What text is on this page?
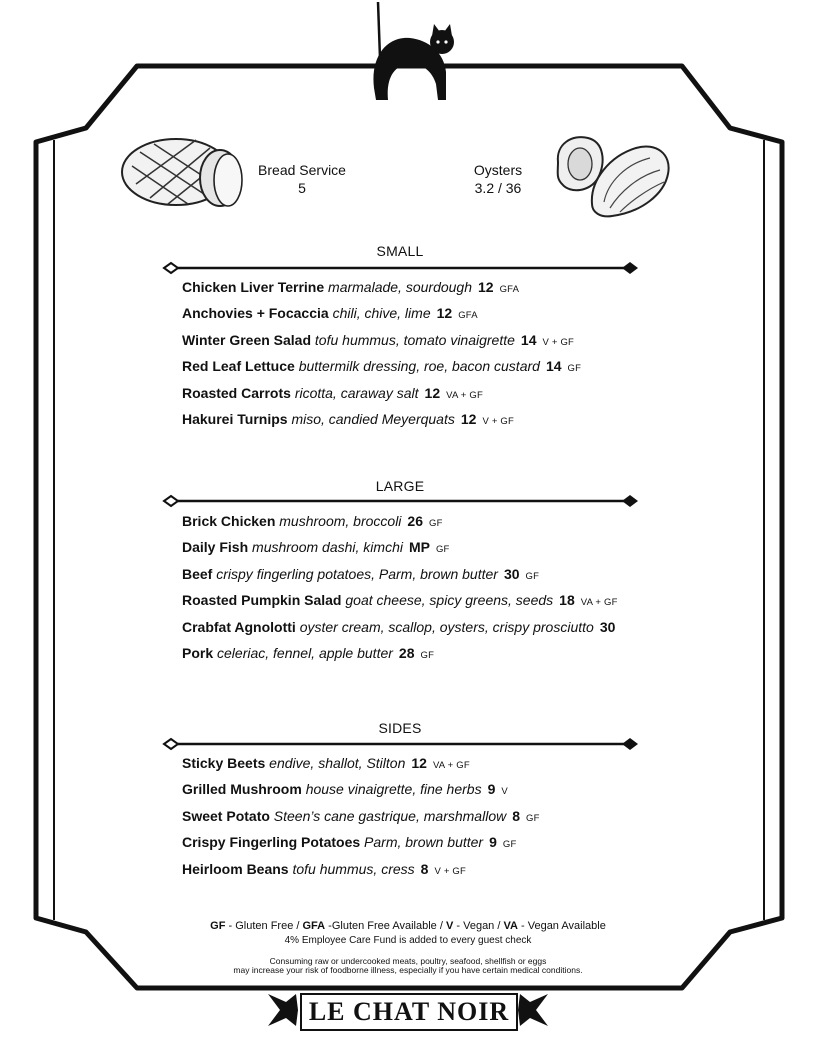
Bread Service
5
Oysters
3.2 / 36
SMALL
Chicken Liver Terrine marmalade, sourdough 12 GFA
Anchovies + Focaccia chili, chive, lime 12 GFA
Winter Green Salad tofu hummus, tomato vinaigrette 14 V + GF
Red Leaf Lettuce buttermilk dressing, roe, bacon custard 14 GF
Roasted Carrots ricotta, caraway salt 12 VA + GF
Hakurei Turnips miso, candied Meyerquats 12 V + GF
LARGE
Brick Chicken mushroom, broccoli 26 GF
Daily Fish mushroom dashi, kimchi MP GF
Beef crispy fingerling potatoes, Parm, brown butter 30 GF
Roasted Pumpkin Salad goat cheese, spicy greens, seeds 18 VA + GF
Crabfat Agnolotti oyster cream, scallop, oysters, crispy prosciutto 30
Pork celeriac, fennel, apple butter 28 GF
SIDES
Sticky Beets endive, shallot, Stilton 12 VA + GF
Grilled Mushroom house vinaigrette, fine herbs 9 V
Sweet Potato Steen’s cane gastrique, marshmallow 8 GF
Crispy Fingerling Potatoes Parm, brown butter 9 GF
Heirloom Beans tofu hummus, cress 8 V + GF
GF - Gluten Free / GFA -Gluten Free Available / V - Vegan / VA - Vegan Available
4% Employee Care Fund is added to every guest check
Consuming raw or undercooked meats, poultry, seafood, shellfish or eggs
may increase your risk of foodborne illness, especially if you have certain medical conditions.
LE CHAT NOIR
